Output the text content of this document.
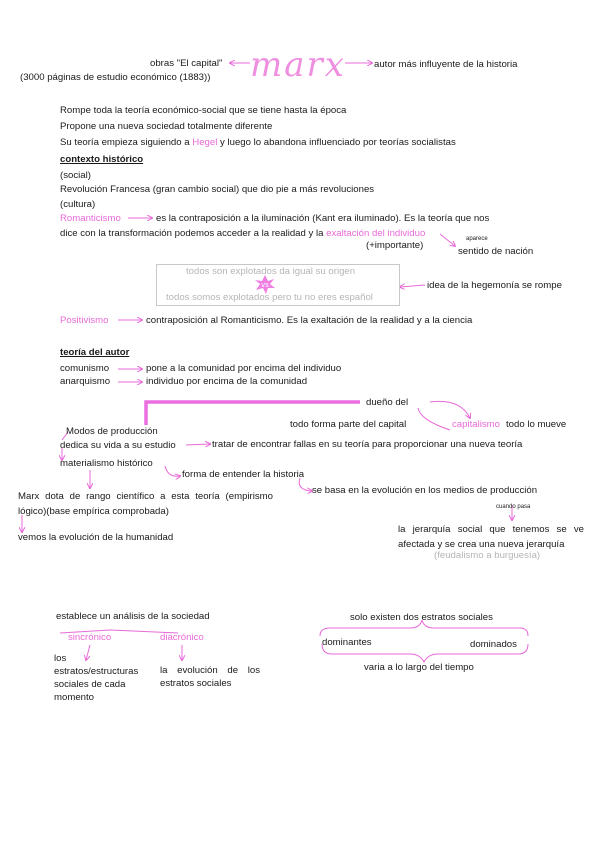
vs
marx
obras "El capital"
(3000 páginas de estudio económico (1883))
autor más influyente de la historia
Rompe toda la teoría económico-social que se tiene hasta la época
Propone una nueva sociedad totalmente diferente
Su teoría empieza siguiendo a Hegel y luego lo abandona influenciado por teorías socialistas
contexto histórico
(social)
Revolución Francesa (gran cambio social) que dio pie a más revoluciones
(cultura)
Romanticismo	es la contraposición a la iluminación (Kant era iluminado). Es la teoría que nos
dice con la transformación podemos acceder a la realidad y la exaltación del individuo
(+importante)
aparece
sentido de nación
todos son explotados da igual su origen
todos somos explotados pero tu no eres español
idea de la hegemonía se rompe
Positivismo	contraposición al Romanticismo. Es la exaltación de la realidad y a la ciencia
teoría del autor
comunismo	pone a la comunidad por encima del individuo
anarquismo	individuo por encima de la comunidad
dueño del
todo forma parte del capital	capitalismo todo lo mueve
Modos de producción
dedica su vida a su estudio	tratar de encontrar fallas en su teoría para proporcionar una nueva teoría
materialismo histórico
forma de entender la historia
se basa en la evolución en los medios de producción
Marx dota de rango científico a esta teoría (empirismo lógico)(base empírica comprobada)
vemos la evolución de la humanidad
cuando pasa
la jerarquía social que tenemos se ve afectada y se crea una nueva jerarquía
(feudalismo a burguesía)
establece un análisis de la sociedad
sincrónico	diacrónico
los estratos/estructuras sociales de cada momento
la evolución de los estratos sociales
solo existen dos estratos sociales
dominantes	dominados
varia a lo largo del tiempo
